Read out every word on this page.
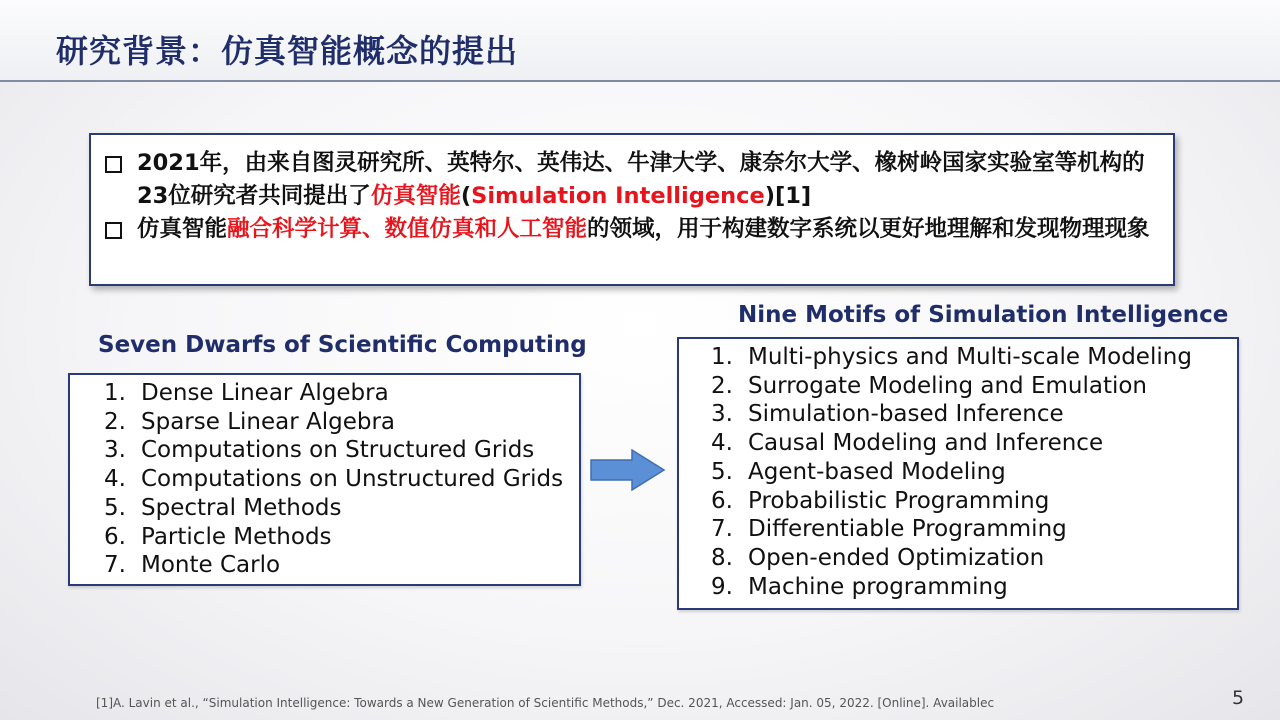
研究背景：仿真智能概念的提出
2021年，由来自图灵研究所、英特尔、英伟达、牛津大学、康奈尔大学、橡树岭国家实验室等机构的23位研究者共同提出了仿真智能(Simulation Intelligence)[1]
仿真智能融合科学计算、数值仿真和人工智能的领域，用于构建数字系统以更好地理解和发现物理现象
Seven Dwarfs of Scientific Computing
1. Dense Linear Algebra
2. Sparse Linear Algebra
3. Computations on Structured Grids
4. Computations on Unstructured Grids
5. Spectral Methods
6. Particle Methods
7. Monte Carlo
Nine Motifs of Simulation Intelligence
1. Multi-physics and Multi-scale Modeling
2. Surrogate Modeling and Emulation
3. Simulation-based Inference
4. Causal Modeling and Inference
5. Agent-based Modeling
6. Probabilistic Programming
7. Differentiable Programming
8. Open-ended Optimization
9. Machine programming
[1]A. Lavin et al., “Simulation Intelligence: Towards a New Generation of Scientific Methods,” Dec. 2021, Accessed: Jan. 05, 2022. [Online]. Availablec	5
